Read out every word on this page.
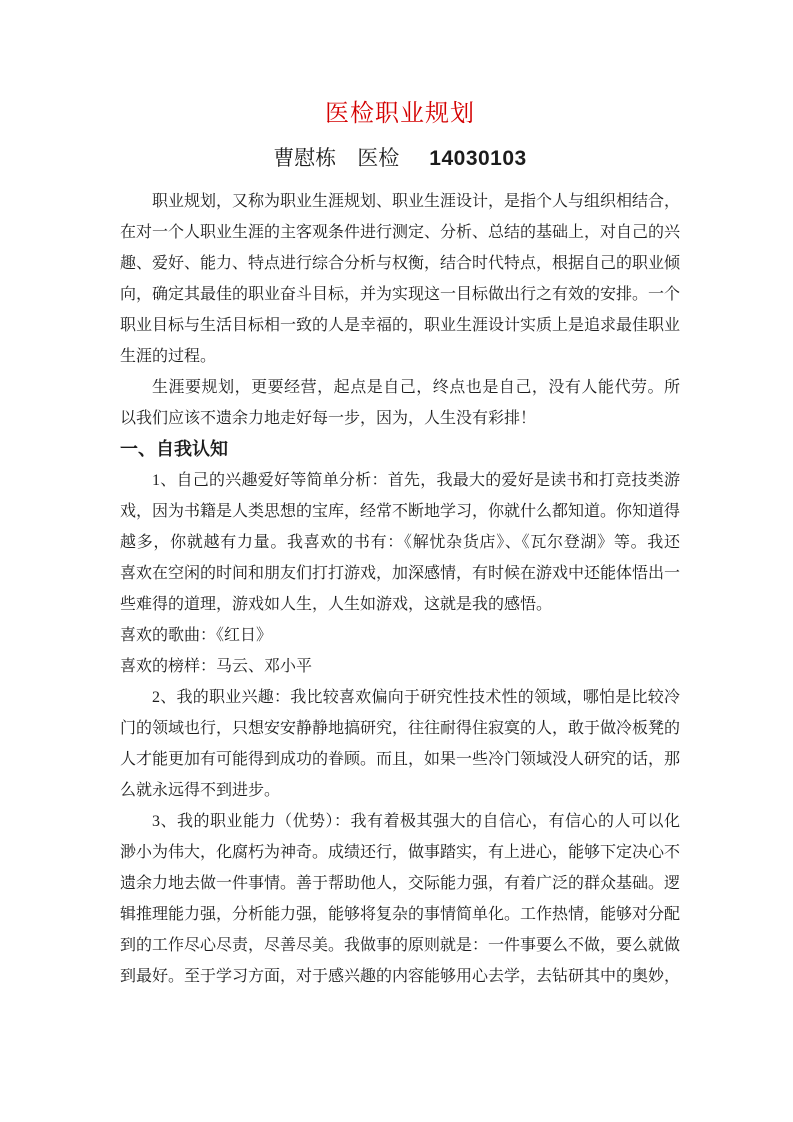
医检职业规划
曹慰栋 医检 14030103
职业规划，又称为职业生涯规划、职业生涯设计，是指个人与组织相结合，
在对一个人职业生涯的主客观条件进行测定、分析、总结的基础上，对自己的兴
趣、爱好、能力、特点进行综合分析与权衡，结合时代特点，根据自己的职业倾
向，确定其最佳的职业奋斗目标，并为实现这一目标做出行之有效的安排。一个
职业目标与生活目标相一致的人是幸福的，职业生涯设计实质上是追求最佳职业
生涯的过程。
生涯要规划，更要经营，起点是自己，终点也是自己，没有人能代劳。所
以我们应该不遗余力地走好每一步，因为，人生没有彩排！
一、自我认知
1、自己的兴趣爱好等简单分析：首先，我最大的爱好是读书和打竞技类游
戏，因为书籍是人类思想的宝库，经常不断地学习，你就什么都知道。你知道得
越多，你就越有力量。我喜欢的书有：《解忧杂货店》、《瓦尔登湖》等。我还
喜欢在空闲的时间和朋友们打打游戏，加深感情，有时候在游戏中还能体悟出一
些难得的道理，游戏如人生，人生如游戏，这就是我的感悟。
喜欢的歌曲：《红日》
喜欢的榜样：马云、邓小平
2、我的职业兴趣：我比较喜欢偏向于研究性技术性的领域，哪怕是比较冷
门的领域也行，只想安安静静地搞研究，往往耐得住寂寞的人，敢于做冷板凳的
人才能更加有可能得到成功的眷顾。而且，如果一些冷门领域没人研究的话，那
么就永远得不到进步。
3、我的职业能力（优势）：我有着极其强大的自信心，有信心的人可以化
渺小为伟大，化腐朽为神奇。成绩还行，做事踏实，有上进心，能够下定决心不
遗余力地去做一件事情。善于帮助他人，交际能力强，有着广泛的群众基础。逻
辑推理能力强，分析能力强，能够将复杂的事情简单化。工作热情，能够对分配
到的工作尽心尽责，尽善尽美。我做事的原则就是：一件事要么不做，要么就做
到最好。至于学习方面，对于感兴趣的内容能够用心去学，去钻研其中的奥妙，
